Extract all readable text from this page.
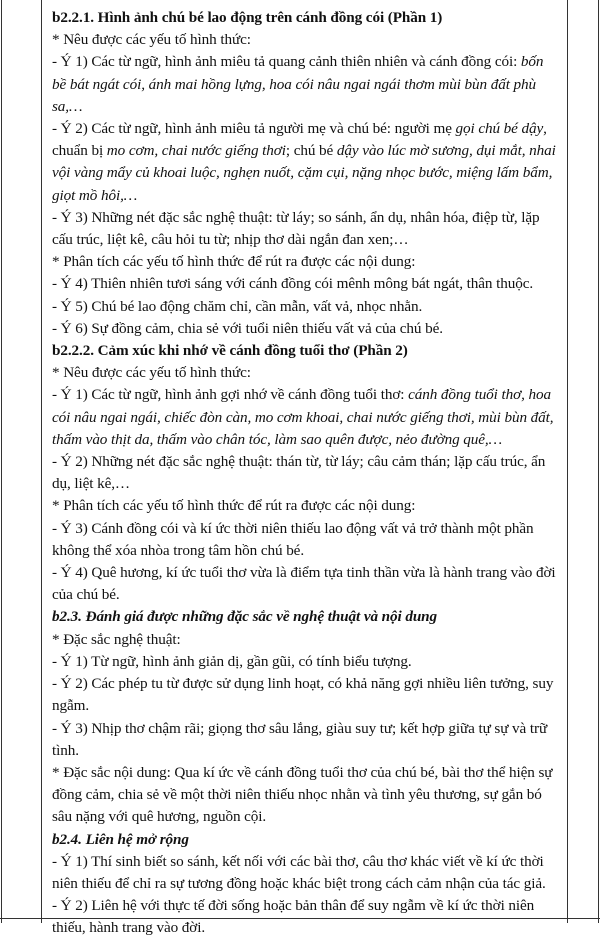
b2.2.1. Hình ảnh chú bé lao động trên cánh đồng cói (Phần 1)

* Nêu được các yếu tố hình thức:

- Ý 1) Các từ ngữ, hình ảnh miêu tả quang cảnh thiên nhiên và cánh đồng cói: bốn bề bát ngát cói, ánh mai hồng lựng, hoa cói nâu ngai ngái thơm mùi bùn đất phù sa,…

- Ý 2) Các từ ngữ, hình ảnh miêu tả người mẹ và chú bé: người mẹ gọi chú bé dậy, chuẩn bị mo cơm, chai nước giếng thơi; chú bé dậy vào lúc mờ sương, dụi mắt, nhai vội vàng mẩy củ khoai luộc, nghẹn nuốt, cặm cụi, nặng nhọc bước, miệng lấm bẩm, giọt mồ hôi,…

- Ý 3) Những nét đặc sắc nghệ thuật: từ láy; so sánh, ẩn dụ, nhân hóa, điệp từ, lặp cấu trúc, liệt kê, câu hỏi tu từ; nhịp thơ dài ngắn đan xen;…

* Phân tích các yếu tố hình thức để rút ra được các nội dung:

- Ý 4) Thiên nhiên tươi sáng với cánh đồng cói mênh mông bát ngát, thân thuộc.

- Ý 5) Chú bé lao động chăm chỉ, cần mẫn, vất vả, nhọc nhằn.

- Ý 6) Sự đồng cảm, chia sẻ với tuổi niên thiếu vất vả của chú bé.

b2.2.2. Cảm xúc khi nhớ về cánh đồng tuổi thơ (Phần 2)

* Nêu được các yếu tố hình thức:

- Ý 1) Các từ ngữ, hình ảnh gợi nhớ về cánh đồng tuổi thơ: cánh đồng tuổi thơ, hoa cói nâu ngai ngái, chiếc đòn càn, mo cơm khoai, chai nước giếng thơi, mùi bùn đất, thấm vào thịt da, thấm vào chân tóc, làm sao quên được, nẻo đường quê,…

- Ý 2) Những nét đặc sắc nghệ thuật: thán từ, từ láy; câu cảm thán; lặp cấu trúc, ẩn dụ, liệt kê,…

* Phân tích các yếu tố hình thức để rút ra được các nội dung:

- Ý 3) Cánh đồng cói và kí ức thời niên thiếu lao động vất vả trở thành một phần không thể xóa nhòa trong tâm hồn chú bé.

- Ý 4) Quê hương, kí ức tuổi thơ vừa là điểm tựa tinh thần vừa là hành trang vào đời của chú bé.

b2.3. Đánh giá được những đặc sắc về nghệ thuật và nội dung

* Đặc sắc nghệ thuật:

- Ý 1) Từ ngữ, hình ảnh giản dị, gần gũi, có tính biểu tượng.

- Ý 2) Các phép tu từ được sử dụng linh hoạt, có khả năng gợi nhiều liên tưởng, suy ngẫm.

- Ý 3) Nhịp thơ chậm rãi; giọng thơ sâu lắng, giàu suy tư; kết hợp giữa tự sự và trữ tình.

* Đặc sắc nội dung: Qua kí ức về cánh đồng tuổi thơ của chú bé, bài thơ thể hiện sự đồng cảm, chia sẻ về một thời niên thiếu nhọc nhằn và tình yêu thương, sự gắn bó sâu nặng với quê hương, nguồn cội.

b2.4. Liên hệ mở rộng

- Ý 1) Thí sinh biết so sánh, kết nối với các bài thơ, câu thơ khác viết về kí ức thời niên thiếu để chỉ ra sự tương đồng hoặc khác biệt trong cách cảm nhận của tác giả.

- Ý 2) Liên hệ với thực tế đời sống hoặc bản thân để suy ngẫm về kí ức thời niên thiếu, hành trang vào đời.
